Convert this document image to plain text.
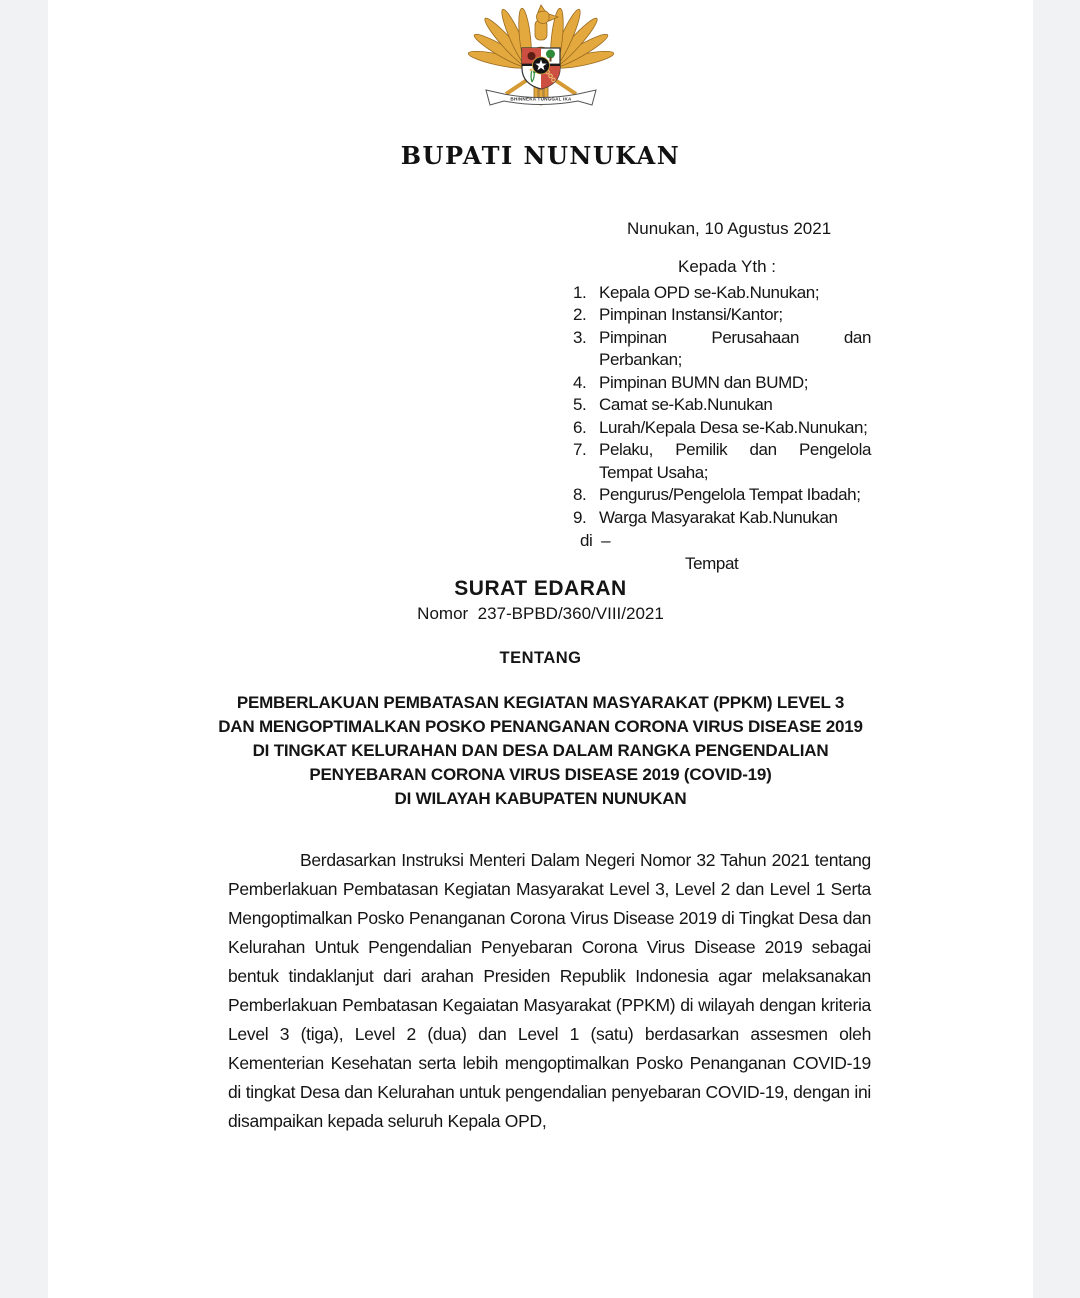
BHINNEKA TUNGGAL IKA
BUPATI NUNUKAN
Nunukan, 10 Agustus 2021
Kepada Yth :
1. Kepala OPD se-Kab.Nunukan;
2. Pimpinan Instansi/Kantor;
3. Pimpinan Perusahaan dan Perbankan;
4. Pimpinan BUMN dan BUMD;
5. Camat se-Kab.Nunukan
6. Lurah/Kepala Desa se-Kab.Nunukan;
7. Pelaku, Pemilik dan Pengelola Tempat Usaha;
8. Pengurus/Pengelola Tempat Ibadah;
9. Warga Masyarakat Kab.Nunukan
di  –
Tempat
SURAT EDARAN
Nomor  237-BPBD/360/VIII/2021
TENTANG
PEMBERLAKUAN PEMBATASAN KEGIATAN MASYARAKAT (PPKM) LEVEL 3
DAN MENGOPTIMALKAN POSKO PENANGANAN CORONA VIRUS DISEASE 2019
DI TINGKAT KELURAHAN DAN DESA DALAM RANGKA PENGENDALIAN
PENYEBARAN CORONA VIRUS DISEASE 2019 (COVID-19)
DI WILAYAH KABUPATEN NUNUKAN
Berdasarkan Instruksi Menteri Dalam Negeri Nomor 32 Tahun 2021 tentang Pemberlakuan Pembatasan Kegiatan Masyarakat Level 3, Level 2 dan Level 1 Serta Mengoptimalkan Posko Penanganan Corona Virus Disease 2019 di Tingkat Desa dan Kelurahan Untuk Pengendalian Penyebaran Corona Virus Disease 2019 sebagai bentuk tindaklanjut dari arahan Presiden Republik Indonesia agar melaksanakan Pemberlakuan Pembatasan Kegaiatan Masyarakat (PPKM) di wilayah dengan kriteria Level 3 (tiga), Level 2 (dua) dan Level 1 (satu) berdasarkan assesmen oleh Kementerian Kesehatan serta lebih mengoptimalkan Posko Penanganan COVID-19 di tingkat Desa dan Kelurahan untuk pengendalian penyebaran COVID-19, dengan ini disampaikan kepada seluruh Kepala OPD,
